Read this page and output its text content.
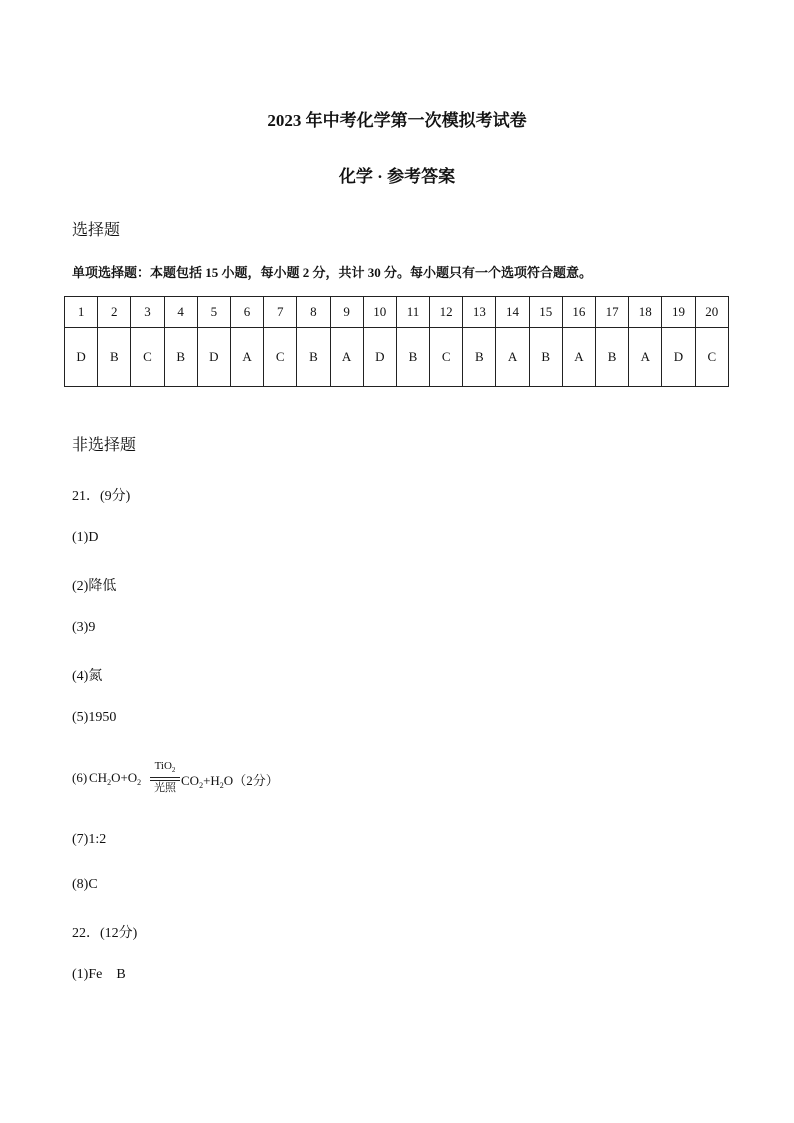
2023 年中考化学第一次模拟考试卷
化学 · 参考答案
选择题
单项选择题：本题包括 15 小题，每小题 2 分，共计 30 分。每小题只有一个选项符合题意。
1	2	3	4	5	6	7	8	9	10	11	12	13	14	15	16	17	18	19	20
D	B	C	B	D	A	C	B	A	D	B	C	B	A	B	A	B	A	D	C
非选择题
21．(9分)
(1)D
(2)降低
(3)9
(4)氮
(5)1950
(6) $CH_2O+O_2$
TiO$_2$
光照 $CO_2+H_2O(2$分）
(7)1:2
(8)C
22．(12分)
(1)Fe    B
